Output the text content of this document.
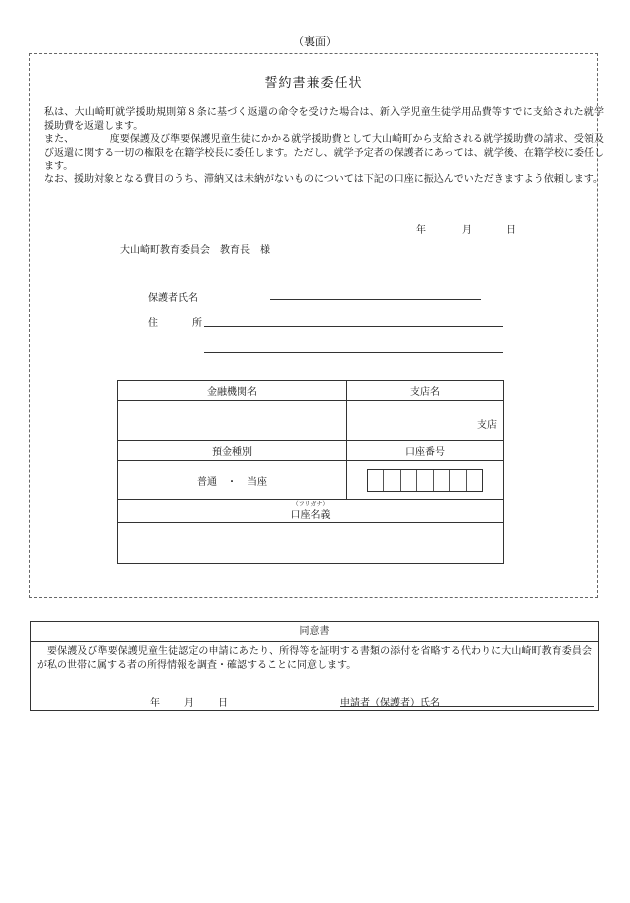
（裏面）
誓約書兼委任状
私は、大山崎町就学援助規則第８条に基づく返還の命令を受けた場合は、新入学児童生徒学用品費等すでに支給された就学援助費を返還します。
また、　　　　度要保護及び準要保護児童生徒にかかる就学援助費として大山崎町から支給される就学援助費の請求、受領及び返還に関する一切の権限を在籍学校長に委任します。ただし、就学予定者の保護者にあっては、就学後、在籍学校に委任します。
なお、援助対象となる費目のうち、滞納又は未納がないものについては下記の口座に振込んでいただきますよう依頼します。
年	月	日
大山崎町教育委員会　教育長　様
保護者氏名
住	所
金融機関名	支店名

	支店

預金種別	口座番号
普通　・　当座	

（フリガナ）
口座名義	
同意書
要保護及び準要保護児童生徒認定の申請にあたり、所得等を証明する書類の添付を省略する代わりに大山崎町教育委員会が私の世帯に属する者の所得情報を調査・確認することに同意します。
年 月 日	申請者（保護者）氏名
